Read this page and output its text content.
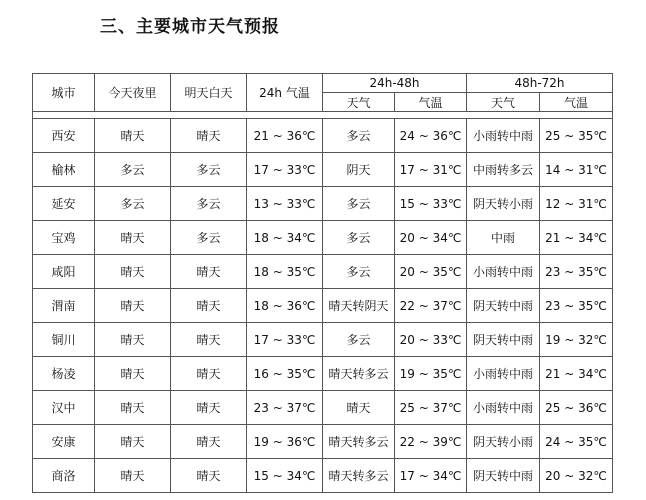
三、主要城市天气预报
城市	今天夜里	明天白天	24h 气温	24h-48h		48h-72h	
				天气	气温	天气	气温

西安	晴天	晴天	21 ~ 36℃	多云	24 ~ 36℃	小雨转中雨	25 ~ 35℃
榆林	多云	多云	17 ~ 33℃	阴天	17 ~ 31℃	中雨转多云	14 ~ 31℃
延安	多云	多云	13 ~ 33℃	多云	15 ~ 33℃	阴天转小雨	12 ~ 31℃
宝鸡	晴天	多云	18 ~ 34℃	多云	20 ~ 34℃	中雨	21 ~ 34℃
咸阳	晴天	晴天	18 ~ 35℃	多云	20 ~ 35℃	小雨转中雨	23 ~ 35℃
渭南	晴天	晴天	18 ~ 36℃	晴天转阴天	22 ~ 37℃	阴天转中雨	23 ~ 35℃
铜川	晴天	晴天	17 ~ 33℃	多云	20 ~ 33℃	阴天转中雨	19 ~ 32℃
杨凌	晴天	晴天	16 ~ 35℃	晴天转多云	19 ~ 35℃	小雨转中雨	21 ~ 34℃
汉中	晴天	晴天	23 ~ 37℃	晴天	25 ~ 37℃	小雨转中雨	25 ~ 36℃
安康	晴天	晴天	19 ~ 36℃	晴天转多云	22 ~ 39℃	阴天转小雨	24 ~ 35℃
商洛	晴天	晴天	15 ~ 34℃	晴天转多云	17 ~ 34℃	阴天转中雨	20 ~ 32℃
